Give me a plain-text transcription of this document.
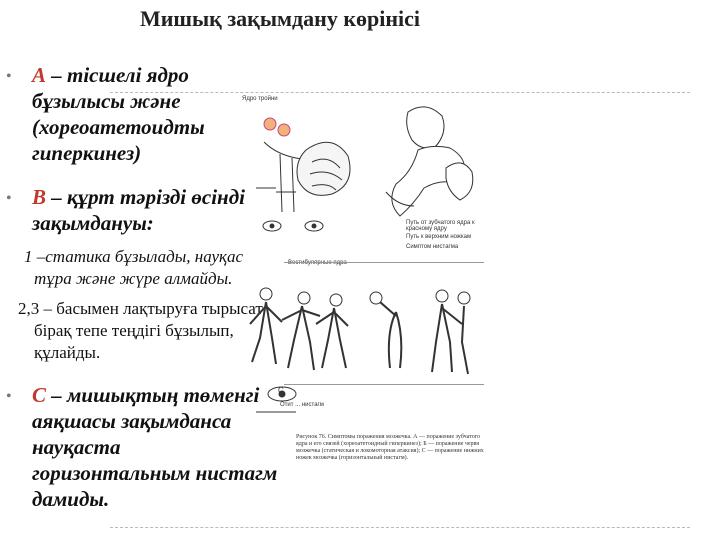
Мишық зақымдану көрінісі
• А – тісшелі ядро
бұзылысы және
(хореоатетоидты
гиперкинез)
• В – құрт тәрізді өсінді
зақымдануы:
1 –статика бұзылады, науқас
тұра және жүре алмайды.
2,3 – басымен лақтыруға тырысат
бірақ тепе теңдігі бұзылып,
құлайды.
• С – мишықтың төменгі
аяқшасы зақымданса
науқаста
горизонтальным нистагм
дамиды.
Ядро тройни
Путь от зубчатого ядра к красному ядру
Путь к верхним ножкам
Симптом нистагма
Вестибулярные ядра
С
Отит ... нистагм
Рисунок 76. Симптомы поражения мозжечка. А — поражение зубчатого ядра и его связей (хореоатетоидный гиперкинез); Б — поражение червя мозжечка (статическая и локомоторная атаксия); С — поражение нижних ножек мозжечка (горизонтальный нистагм).
